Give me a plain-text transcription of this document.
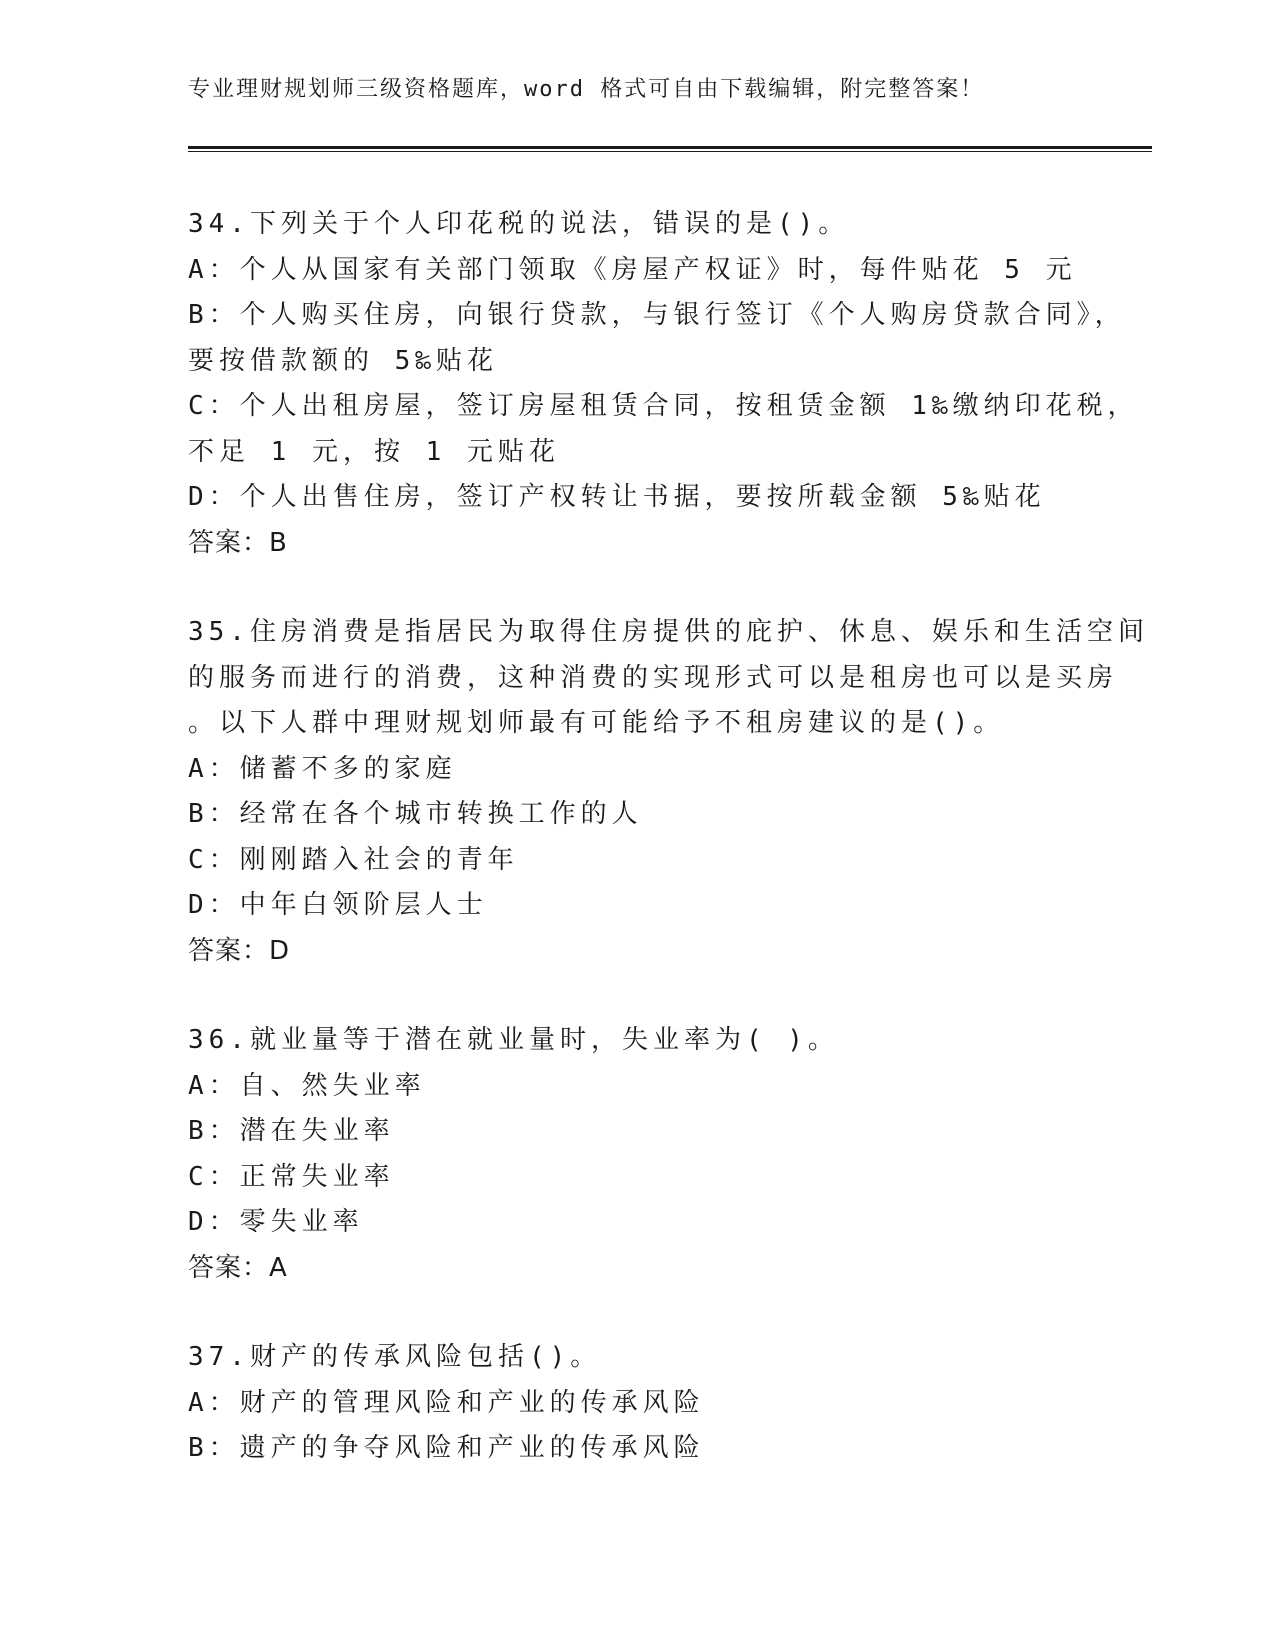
专业理财规划师三级资格题库，word 格式可自由下载编辑，附完整答案！
34.下列关于个人印花税的说法，错误的是()。
A：个人从国家有关部门领取《房屋产权证》时，每件贴花 5 元
B：个人购买住房，向银行贷款，与银行签订《个人购房贷款合同》，
要按借款额的 5‰贴花
C：个人出租房屋，签订房屋租赁合同，按租赁金额 1‰缴纳印花税，
不足 1 元，按 1 元贴花
D：个人出售住房，签订产权转让书据，要按所载金额 5‰贴花
答案：B
35.住房消费是指居民为取得住房提供的庇护、休息、娱乐和生活空间
的服务而进行的消费，这种消费的实现形式可以是租房也可以是买房
。以下人群中理财规划师最有可能给予不租房建议的是()。
A：储蓄不多的家庭
B：经常在各个城市转换工作的人
C：刚刚踏入社会的青年
D：中年白领阶层人士
答案：D
36.就业量等于潜在就业量时，失业率为( )。
A：自、然失业率
B：潜在失业率
C：正常失业率
D：零失业率
答案：A
37.财产的传承风险包括()。
A：财产的管理风险和产业的传承风险
B：遗产的争夺风险和产业的传承风险
